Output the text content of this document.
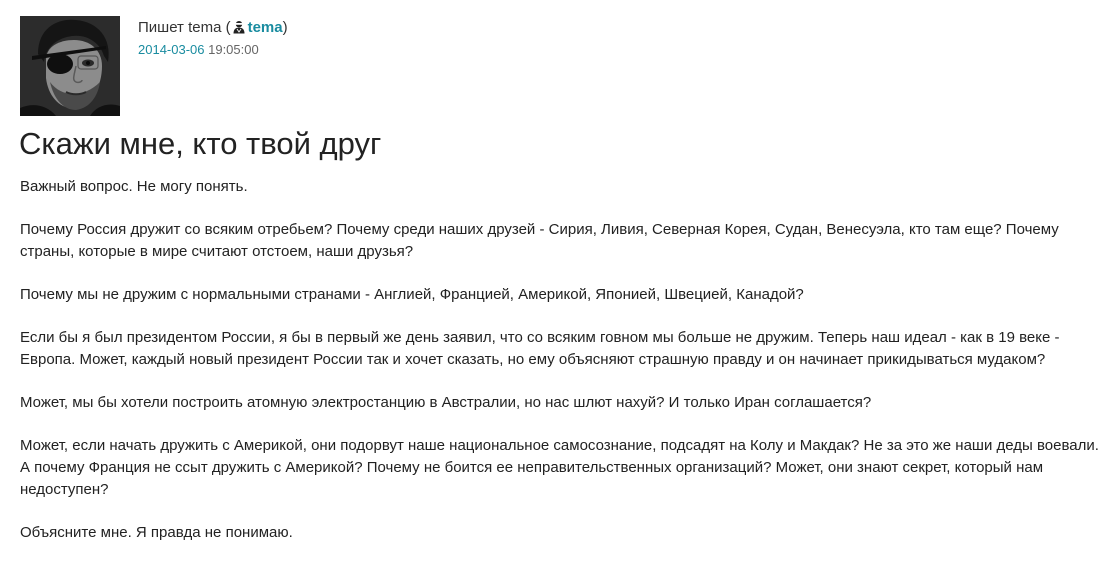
Пишет tema ( tema)
2014-03-06 19:05:00
Скажи мне, кто твой друг

Важный вопрос. Не могу понять.

Почему Россия дружит со всяким отребьем? Почему среди наших друзей - Сирия, Ливия, Северная Корея, Судан, Венесуэла, кто там еще? Почему страны, которые в мире считают отстоем, наши друзья?

Почему мы не дружим с нормальными странами - Англией, Францией, Америкой, Японией, Швецией, Канадой?

Если бы я был президентом России, я бы в первый же день заявил, что со всяким говном мы больше не дружим. Теперь наш идеал - как в 19 веке - Европа. Может, каждый новый президент России так и хочет сказать, но ему объясняют страшную правду и он начинает прикидываться мудаком?

Может, мы бы хотели построить атомную электростанцию в Австралии, но нас шлют нахуй? И только Иран соглашается?

Может, если начать дружить с Америкой, они подорвут наше национальное самосознание, подсадят на Колу и Макдак? Не за это же наши деды воевали. А почему Франция не ссыт дружить с Америкой? Почему не боится ее неправительственных организаций? Может, они знают секрет, который нам недоступен?

Объясните мне. Я правда не понимаю.
